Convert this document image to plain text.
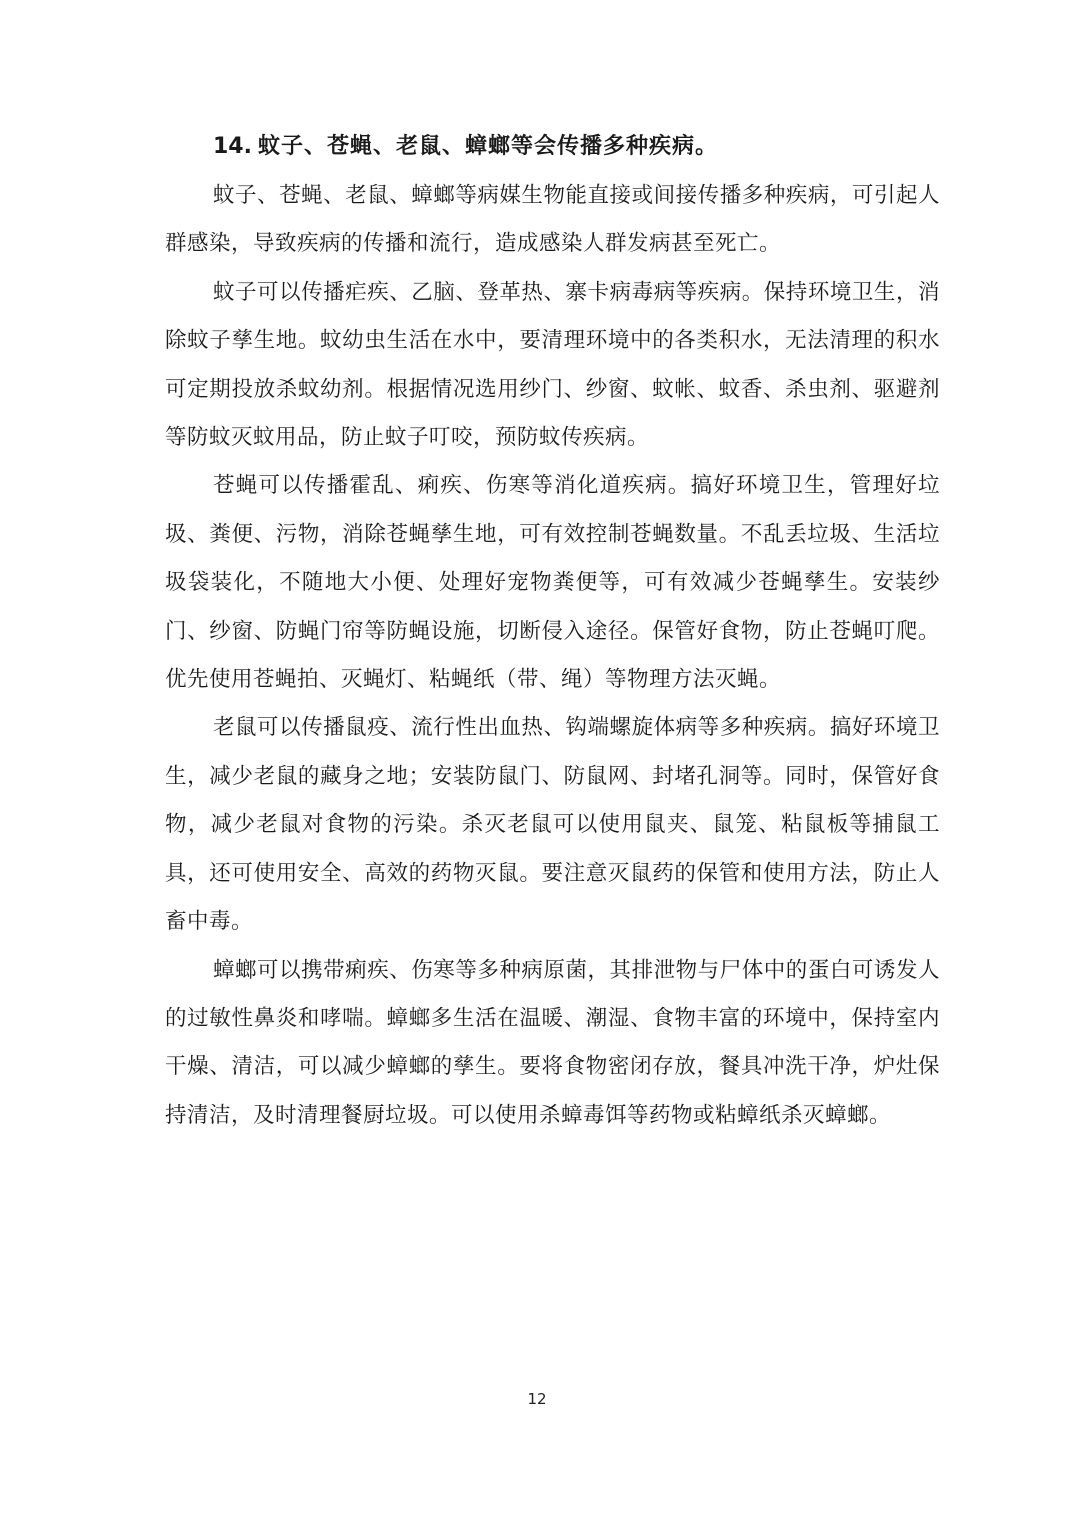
14. 蚊子、苍蝇、老鼠、蟑螂等会传播多种疾病。

蚊子、苍蝇、老鼠、蟑螂等病媒生物能直接或间接传播多种疾病，可引起人群感染，导致疾病的传播和流行，造成感染人群发病甚至死亡。

蚊子可以传播疟疾、乙脑、登革热、寨卡病毒病等疾病。保持环境卫生，消除蚊子孳生地。蚊幼虫生活在水中，要清理环境中的各类积水，无法清理的积水可定期投放杀蚊幼剂。根据情况选用纱门、纱窗、蚊帐、蚊香、杀虫剂、驱避剂等防蚊灭蚊用品，防止蚊子叮咬，预防蚊传疾病。

苍蝇可以传播霍乱、痢疾、伤寒等消化道疾病。搞好环境卫生，管理好垃圾、粪便、污物，消除苍蝇孳生地，可有效控制苍蝇数量。不乱丢垃圾、生活垃圾袋装化，不随地大小便、处理好宠物粪便等，可有效减少苍蝇孳生。安装纱门、纱窗、防蝇门帘等防蝇设施，切断侵入途径。保管好食物，防止苍蝇叮爬。优先使用苍蝇拍、灭蝇灯、粘蝇纸（带、绳）等物理方法灭蝇。

老鼠可以传播鼠疫、流行性出血热、钩端螺旋体病等多种疾病。搞好环境卫生，减少老鼠的藏身之地；安装防鼠门、防鼠网、封堵孔洞等。同时，保管好食物，减少老鼠对食物的污染。杀灭老鼠可以使用鼠夹、鼠笼、粘鼠板等捕鼠工具，还可使用安全、高效的药物灭鼠。要注意灭鼠药的保管和使用方法，防止人畜中毒。

蟑螂可以携带痢疾、伤寒等多种病原菌，其排泄物与尸体中的蛋白可诱发人的过敏性鼻炎和哮喘。蟑螂多生活在温暖、潮湿、食物丰富的环境中，保持室内干燥、清洁，可以减少蟑螂的孳生。要将食物密闭存放，餐具冲洗干净，炉灶保持清洁，及时清理餐厨垃圾。可以使用杀蟑毒饵等药物或粘蟑纸杀灭蟑螂。

12
